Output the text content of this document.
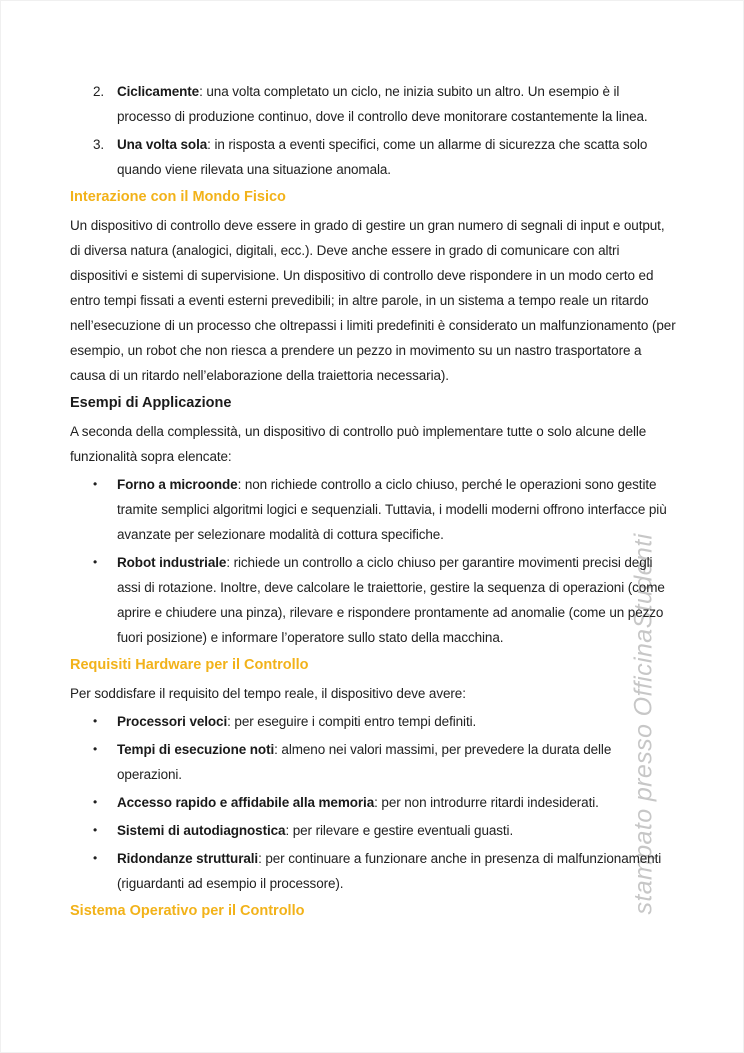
2. Ciclicamente: una volta completato un ciclo, ne inizia subito un altro. Un esempio è il processo di produzione continuo, dove il controllo deve monitorare costantemente la linea.

3. Una volta sola: in risposta a eventi specifici, come un allarme di sicurezza che scatta solo quando viene rilevata una situazione anomala.

Interazione con il Mondo Fisico

Un dispositivo di controllo deve essere in grado di gestire un gran numero di segnali di input e output, di diversa natura (analogici, digitali, ecc.). Deve anche essere in grado di comunicare con altri dispositivi e sistemi di supervisione. Un dispositivo di controllo deve rispondere in un modo certo ed entro tempi fissati a eventi esterni prevedibili; in altre parole, in un sistema a tempo reale un ritardo nell’esecuzione di un processo che oltrepassi i limiti predefiniti è considerato un malfunzionamento (per esempio, un robot che non riesca a prendere un pezzo in movimento su un nastro trasportatore a causa di un ritardo nell’elaborazione della traiettoria necessaria).

Esempi di Applicazione

A seconda della complessità, un dispositivo di controllo può implementare tutte o solo alcune delle funzionalità sopra elencate:

•	Forno a microonde: non richiede controllo a ciclo chiuso, perché le operazioni sono gestite tramite semplici algoritmi logici e sequenziali. Tuttavia, i modelli moderni offrono interfacce più avanzate per selezionare modalità di cottura specifiche.

•	Robot industriale: richiede un controllo a ciclo chiuso per garantire movimenti precisi degli assi di rotazione. Inoltre, deve calcolare le traiettorie, gestire la sequenza di operazioni (come aprire e chiudere una pinza), rilevare e rispondere prontamente ad anomalie (come un pezzo fuori posizione) e informare l’operatore sullo stato della macchina.

Requisiti Hardware per il Controllo

Per soddisfare il requisito del tempo reale, il dispositivo deve avere:

•	Processori veloci: per eseguire i compiti entro tempi definiti.

•	Tempi di esecuzione noti: almeno nei valori massimi, per prevedere la durata delle operazioni.

•	Accesso rapido e affidabile alla memoria: per non introdurre ritardi indesiderati.

•	Sistemi di autodiagnostica: per rilevare e gestire eventuali guasti.

•	Ridondanze strutturali: per continuare a funzionare anche in presenza di malfunzionamenti (riguardanti ad esempio il processore).

Sistema Operativo per il Controllo	stampato presso OfficinaStudenti
